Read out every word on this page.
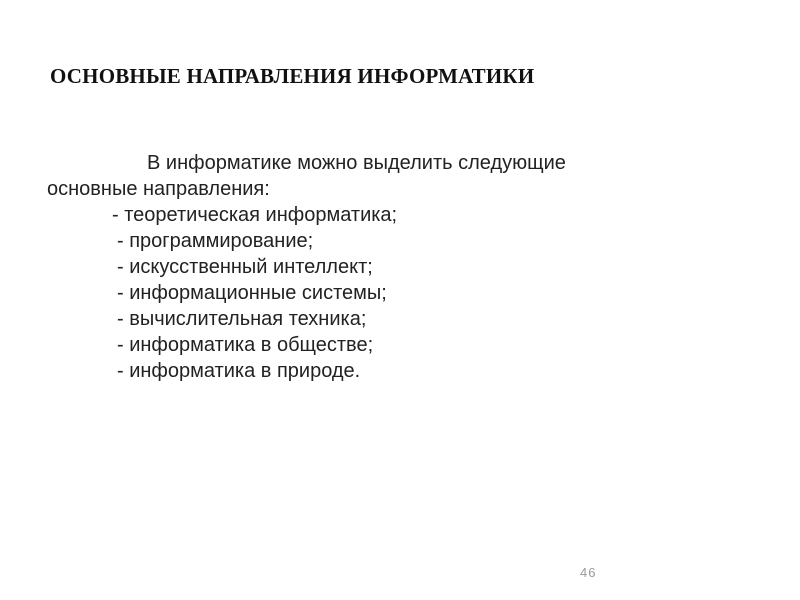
ОСНОВНЫЕ НАПРАВЛЕНИЯ ИНФОРМАТИКИ
В информатике можно выделить следующие
основные направления:
- теоретическая информатика;
- программирование;
- искусственный интеллект;
- информационные системы;
- вычислительная техника;
- информатика в обществе;
- информатика в природе.
46
